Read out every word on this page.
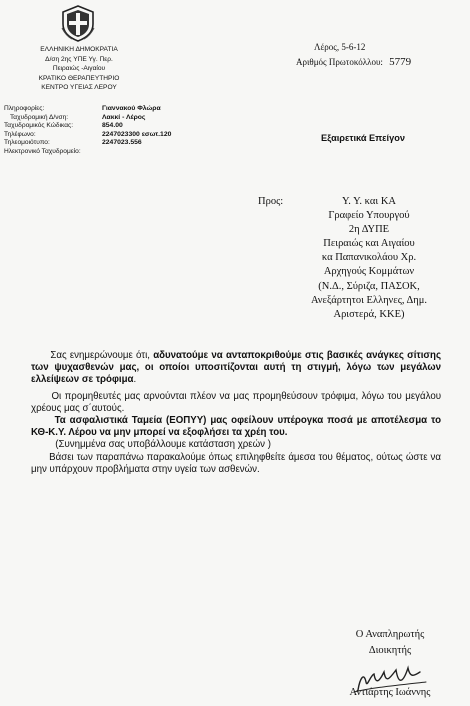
ΕΛΛΗΝΙΚΗ ΔΗΜΟΚΡΑΤΙΑ
Δ/ση 2ης ΥΠΕ Υγ. Περ.
Πειραιώς -Αιγαίου
ΚΡΑΤΙΚΟ ΘΕΡΑΠΕΥΤΗΡΙΟ
ΚΕΝΤΡΟ ΥΓΕΙΑΣ ΛΕΡΟΥ
Λέρος, 5-6-12
Αριθμός Πρωτοκόλλου: 5779
Πληροφορίες:	Γιαννακού Φλώρα
Ταχυδρομική Δ/νση:	Λακκί - Λέρος
Ταχυδρομικός Κώδικας:	854.00
Τηλέφωνο:	2247023300 εσωτ.120
Τηλεομοιότυπο:	2247023.556
Ηλεκτρονικό Ταχυδρομείο:
Εξαιρετικά Επείγον
Προς:	Υ. Υ. και ΚΑ
Γραφείο Υπουργού
2η ΔΥΠΕ
Πειραιώς και Αιγαίου
κα Παπανικολάου Χρ.
Αρχηγούς Κομμάτων
(Ν.Δ., Σύριζα, ΠΑΣΟΚ,
Ανεξάρτητοι Ελληνες, Δημ.
Αριστερά, ΚΚΕ)

Σας ενημερώνουμε ότι, αδυνατούμε να ανταποκριθούμε στις βασικές ανάγκες σίτισης των ψυχασθενών μας, οι οποίοι υποσιτίζονται αυτή τη στιγμή, λόγω των μεγάλων ελλείψεων σε τρόφιμα.

Οι προμηθευτές μας αρνούνται πλέον να μας προμηθεύσουν τρόφιμα, λόγω του μεγάλου χρέους μας σ΄αυτούς.

Τα ασφαλιστικά Ταμεία (ΕΟΠΥΥ) μας οφείλουν υπέρογκα ποσά με αποτέλεσμα το ΚΘ-Κ.Υ. Λέρου να μην μπορεί να εξοφλήσει τα χρέη του.

(Συνημμένα σας υποβάλλουμε κατάσταση χρεών )

Βάσει των παραπάνω παρακαλούμε όπως επιληφθείτε άμεσα του θέματος, ούτως ώστε να μην υπάρχουν προβλήματα στην υγεία των ασθενών.

Ο Αναπληρωτής
Διοικητής
Αντιάρτης Ιωάννης
